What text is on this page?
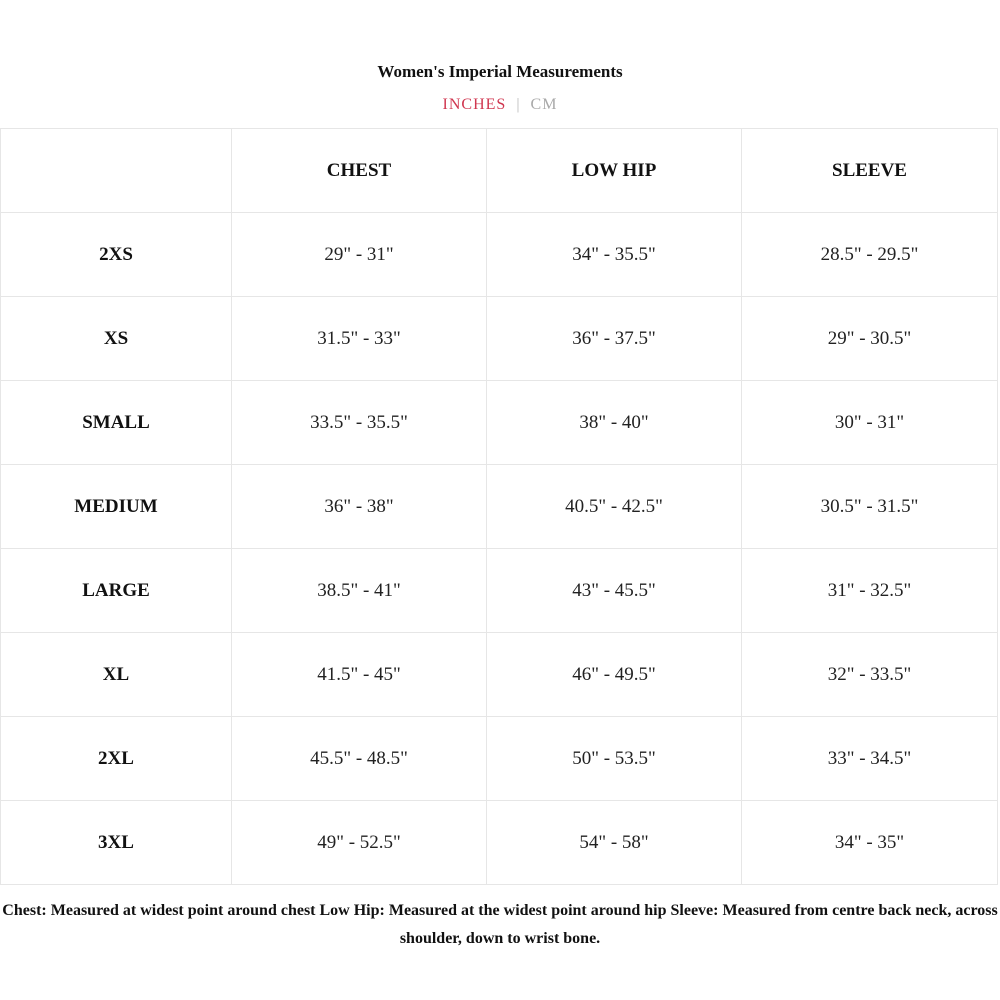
Women's Imperial Measurements
INCHES | CM
	CHEST	LOW HIP	SLEEVE
2XS	29" - 31"	34" - 35.5"	28.5" - 29.5"
XS	31.5" - 33"	36" - 37.5"	29" - 30.5"
SMALL	33.5" - 35.5"	38" - 40"	30" - 31"
MEDIUM	36" - 38"	40.5" - 42.5"	30.5" - 31.5"
LARGE	38.5" - 41"	43" - 45.5"	31" - 32.5"
XL	41.5" - 45"	46" - 49.5"	32" - 33.5"
2XL	45.5" - 48.5"	50" - 53.5"	33" - 34.5"
3XL	49" - 52.5"	54" - 58"	34" - 35"
Chest: Measured at widest point around chest Low Hip: Measured at the widest point around hip Sleeve: Measured from centre back neck, across shoulder, down to wrist bone.
